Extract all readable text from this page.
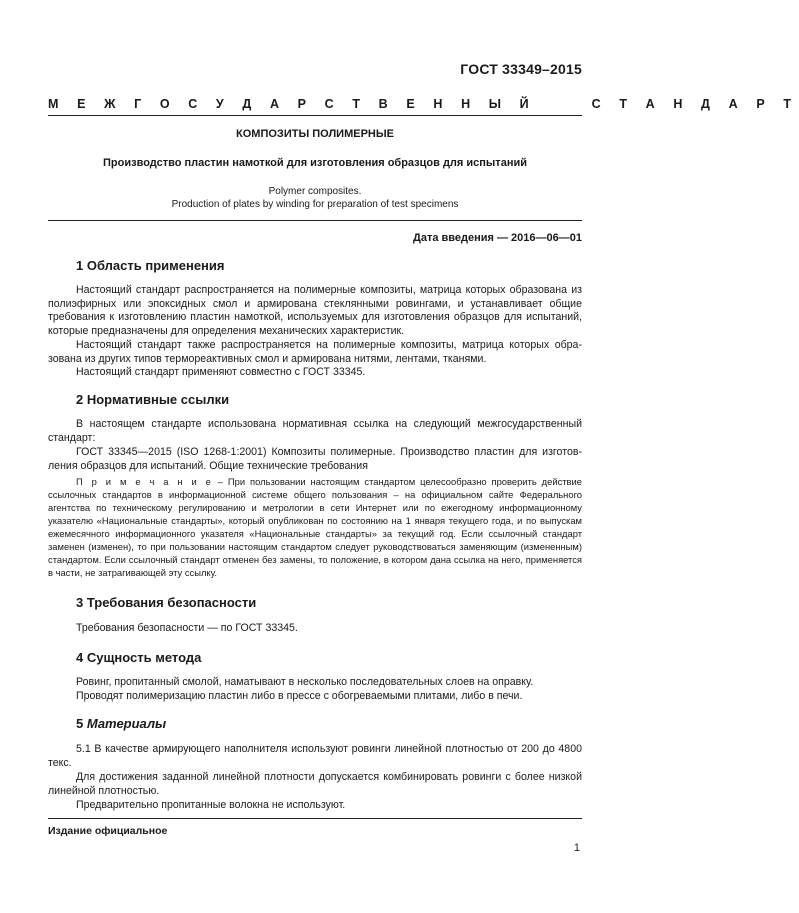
ГОСТ 33349–2015
М Е Ж Г О С У Д А Р С Т В Е Н Н Ы Й     С Т А Н Д А Р Т
КОМПОЗИТЫ ПОЛИМЕРНЫЕ
Производство пластин намоткой для изготовления образцов для испытаний
Polymer composites.
Production of plates by winding for preparation of test specimens
Дата введения — 2016—06—01
1 Область применения
Настоящий стандарт распространяется на полимерные композиты, матрица которых образована из полиэфирных или эпоксидных смол и армирована стеклянными ровингами, и устанавливает общие требования к изготовлению пластин намоткой, используемых для изготовления образцов для испытаний, которые предназначены для определения механических характеристик.
Настоящий стандарт также распространяется на полимерные композиты, матрица которых образована из других типов термореактивных смол и армирована нитями, лентами, тканями.
Настоящий стандарт применяют совместно с ГОСТ 33345.
2 Нормативные ссылки
В настоящем стандарте использована нормативная ссылка на следующий межгосударственный стандарт:
ГОСТ 33345—2015 (ISO 1268-1:2001) Композиты полимерные. Производство пластин для изготовления образцов для испытаний. Общие технические требования
П р и м е ч а н и е – При пользовании настоящим стандартом целесообразно проверить действие ссылочных стандартов в информационной системе общего пользования – на официальном сайте Федерального агентства по техническому регулированию и метрологии в сети Интернет или по ежегодному информационному указателю «Национальные стандарты», который опубликован по состоянию на 1 января текущего года, и по выпускам ежемесячного информационного указателя «Национальные стандарты» за текущий год. Если ссылочный стандарт заменен (изменен), то при пользовании настоящим стандартом следует руководствоваться заменяющим (измененным) стандартом. Если ссылочный стандарт отменен без замены, то положение, в котором дана ссылка на него, применяется в части, не затрагивающей эту ссылку.
3 Требования безопасности
Требования безопасности — по ГОСТ 33345.
4 Сущность метода
Ровинг, пропитанный смолой, наматывают в несколько последовательных слоев на оправку.
Проводят полимеризацию пластин либо в прессе с обогреваемыми плитами, либо в печи.
5 Материалы
5.1 В качестве армирующего наполнителя используют ровинги линейной плотностью от 200 до 4800 текс.
Для достижения заданной линейной плотности допускается комбинировать ровинги с более низкой линейной плотностью.
Предварительно пропитанные волокна не используют.
Издание официальное
1
